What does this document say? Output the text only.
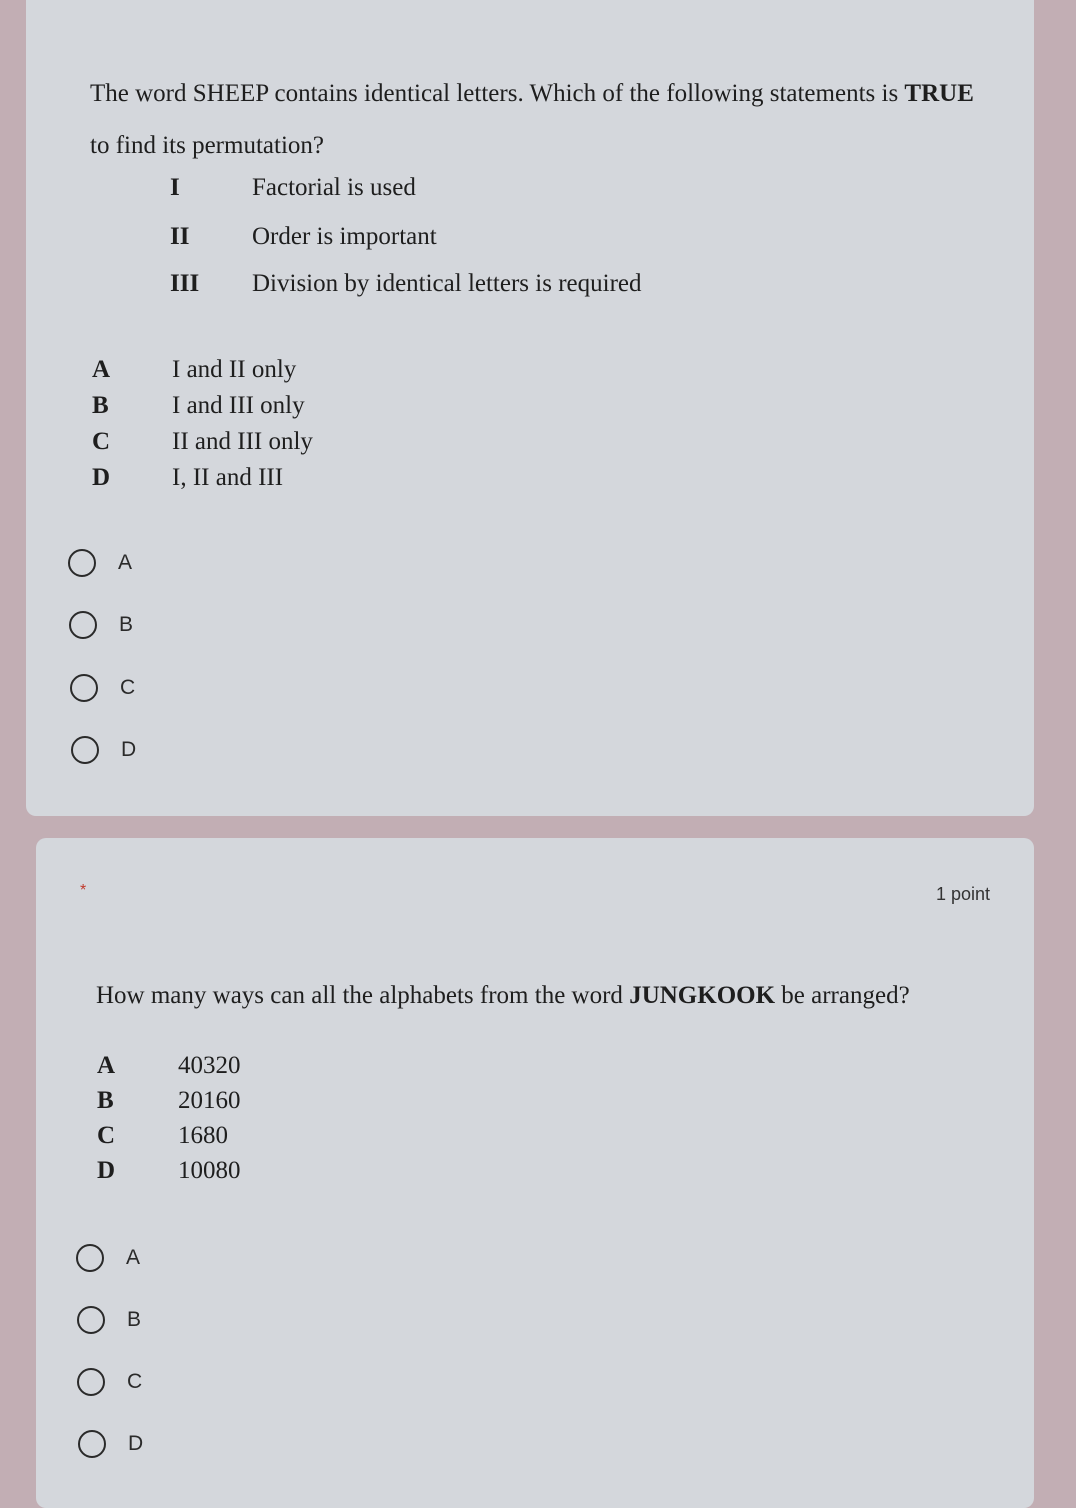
The word SHEEP contains identical letters. Which of the following statements is TRUE to find its permutation?
I	Factorial is used
II	Order is important
III Division by identical letters is required
A I and II only
B	I and III only
C II and III only
D I, II and III
A
B
C
D
*	1 point
How many ways can all the alphabets from the word JUNGKOOK be arranged?
A	40320
B	20160
C	1680
D	10080
A
B
C
D
